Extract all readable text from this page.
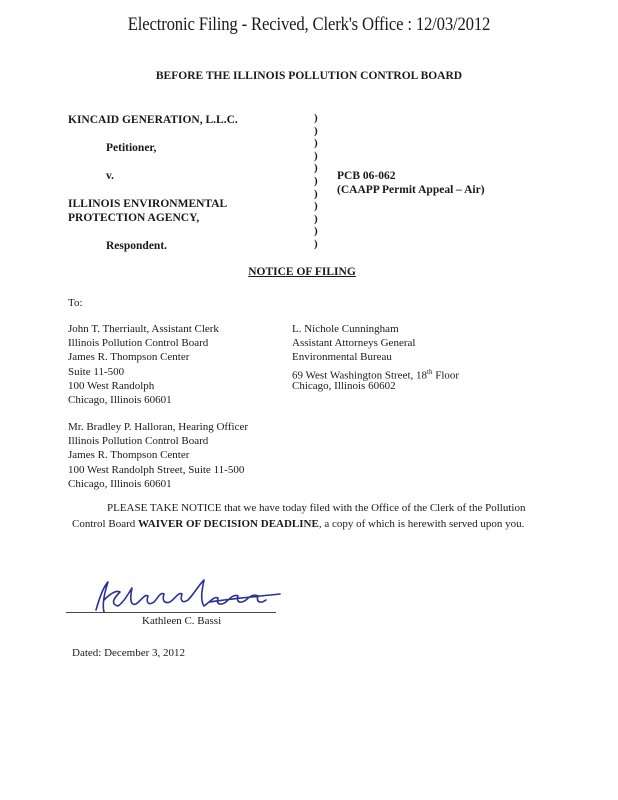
Electronic Filing - Recived, Clerk's Office : 12/03/2012
BEFORE THE ILLINOIS POLLUTION CONTROL BOARD
KINCAID GENERATION, L.L.C.
Petitioner,
v.
ILLINOIS ENVIRONMENTAL
PROTECTION AGENCY,
Respondent.
)
)
)
)
)
)
)
)
)
)
)
PCB 06-062
(CAAPP Permit Appeal – Air)
NOTICE OF FILING
To:
John T. Therriault, Assistant Clerk
Illinois Pollution Control Board
James R. Thompson Center
Suite 11-500
100 West Randolph
Chicago, Illinois 60601
L. Nichole Cunningham
Assistant Attorneys General
Environmental Bureau
69 West Washington Street, 18th Floor
Chicago, Illinois 60602
Mr. Bradley P. Halloran, Hearing Officer
Illinois Pollution Control Board
James R. Thompson Center
100 West Randolph Street, Suite 11-500
Chicago, Illinois 60601
PLEASE TAKE NOTICE that we have today filed with the Office of the Clerk of the Pollution Control Board WAIVER OF DECISION DEADLINE, a copy of which is herewith served upon you.
Kathleen C. Bassi
Dated: December 3, 2012
